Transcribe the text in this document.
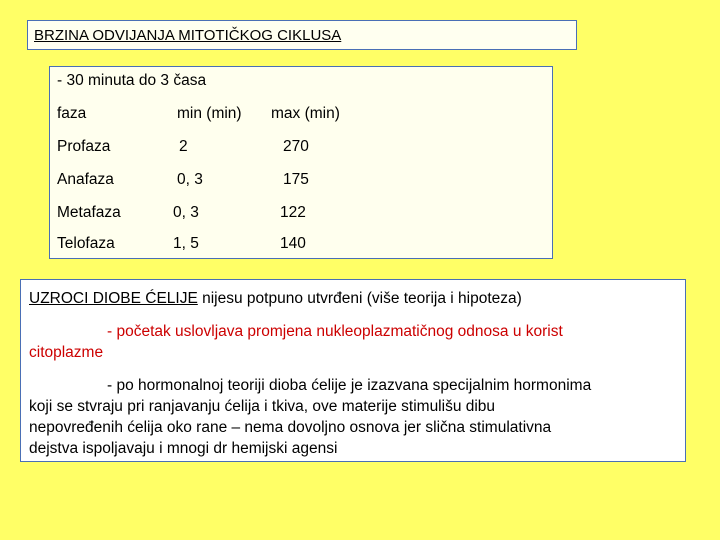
BRZINA ODVIJANJA MITOTIČKOG CIKLUSA
- 30 minuta do 3 časa
faza	min (min) max (min)
Profaza	2	270
Anafaza	0, 3	175
Metafaza	0, 3	122
Telofaza	1, 5	140
UZROCI DIOBE ĆELIJE nijesu potpuno utvrđeni (više teorija i hipoteza)
- početak uslovljava promjena nukleoplazmatičnog odnosa u korist
citoplazme
- po hormonalnoj teoriji dioba ćelije je izazvana specijalnim hormonima
koji se stvraju pri ranjavanju ćelija i tkiva, ove materije stimulišu dibu
nepovređenih ćelija oko rane – nema dovoljno osnova jer slična stimulativna
dejstva ispoljavaju i mnogi dr hemijski agensi
